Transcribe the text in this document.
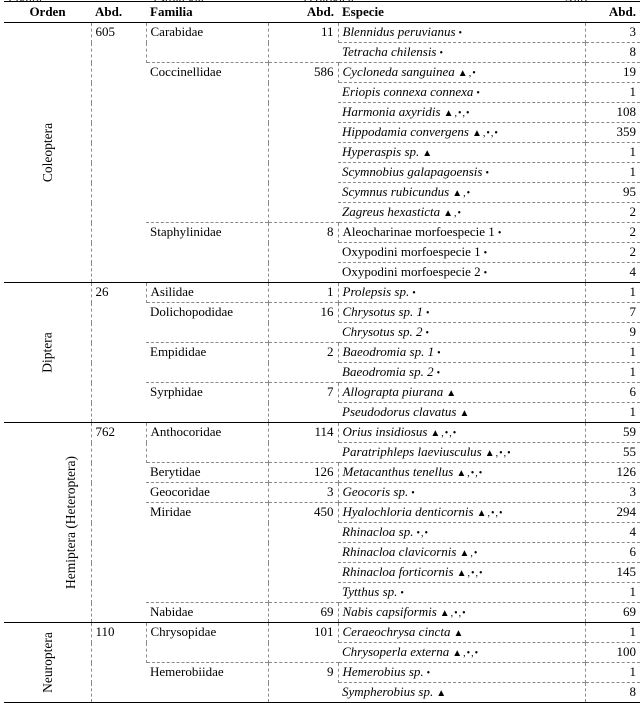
Orden	Abd.	Familia	Abd.	Especie	Abd.
Coleoptera	605	Carabidae	11	Blennidus peruvianus •	3
				Tetracha chilensis •	8
		Coccinellidae	586	Cycloneda sanguinea ▲,•	19
				Eriopis connexa connexa •	1
				Harmonia axyridis ▲,•,•	108
				Hippodamia convergens ▲,•,•	359
				Hyperaspis sp. ▲	1
				Scymnobius galapagoensis •	1
				Scymnus rubicundus ▲,•	95
				Zagreus hexasticta ▲,•	2
		Staphylinidae	8	Aleocharinae morfoespecie 1 •	2
				Oxypodini morfoespecie 1 •	2
				Oxypodini morfoespecie 2 •	4
Diptera	26	Asilidae	1	Prolepsis sp. •	1
		Dolichopodidae	16	Chrysotus sp. 1 •	7
				Chrysotus sp. 2 •	9
		Empididae	2	Baeodromia sp. 1 •	1
				Baeodromia sp. 2 •	1
		Syrphidae	7	Allograpta piurana ▲	6
				Pseudodorus clavatus ▲	1
Hemiptera (Heteroptera)	762	Anthocoridae	114	Orius insidiosus ▲,•,•	59
				Paratriphleps laeviusculus ▲,•,•	55
		Berytidae	126	Metacanthus tenellus ▲,•,•	126
		Geocoridae	3	Geocoris sp. •	3
		Miridae	450	Hyalochloria denticornis ▲,•,•	294
				Rhinacloa sp. •,•	4
				Rhinacloa clavicornis ▲,•	6
				Rhinacloa forticornis ▲,•,•	145
				Tytthus sp. •	1
		Nabidae	69	Nabis capsiformis ▲,•,•	69
Neuroptera	110	Chrysopidae	101	Ceraeochrysa cincta ▲	1
				Chrysoperla externa ▲,•,•	100
		Hemerobiidae	9	Hemerobius sp. •	1
				Sympherobius sp. ▲	8
